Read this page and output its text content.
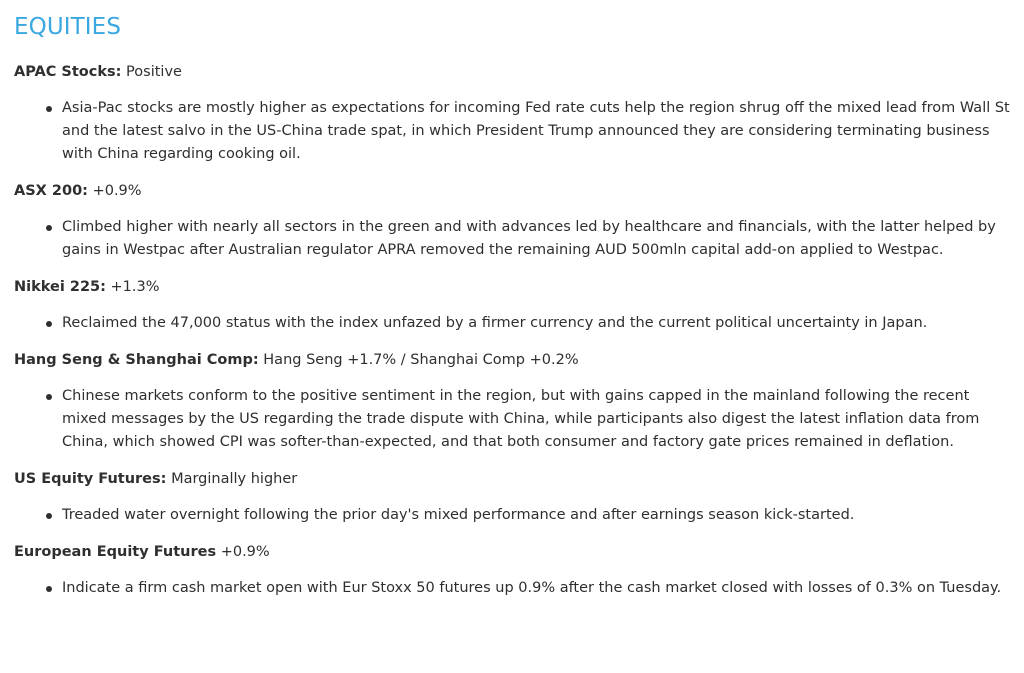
EQUITIES

APAC Stocks: Positive

Asia-Pac stocks are mostly higher as expectations for incoming Fed rate cuts help the region shrug off the mixed lead from Wall St and the latest salvo in the US-China trade spat, in which President Trump announced they are considering terminating business with China regarding cooking oil.

ASX 200: +0.9%

Climbed higher with nearly all sectors in the green and with advances led by healthcare and financials, with the latter helped by gains in Westpac after Australian regulator APRA removed the remaining AUD 500mln capital add-on applied to Westpac.

Nikkei 225: +1.3%

Reclaimed the 47,000 status with the index unfazed by a firmer currency and the current political uncertainty in Japan.

Hang Seng & Shanghai Comp: Hang Seng +1.7% / Shanghai Comp +0.2%

Chinese markets conform to the positive sentiment in the region, but with gains capped in the mainland following the recent mixed messages by the US regarding the trade dispute with China, while participants also digest the latest inflation data from China, which showed CPI was softer-than-expected, and that both consumer and factory gate prices remained in deflation.

US Equity Futures: Marginally higher

Treaded water overnight following the prior day's mixed performance and after earnings season kick-started.

European Equity Futures +0.9%

Indicate a firm cash market open with Eur Stoxx 50 futures up 0.9% after the cash market closed with losses of 0.3% on Tuesday.
